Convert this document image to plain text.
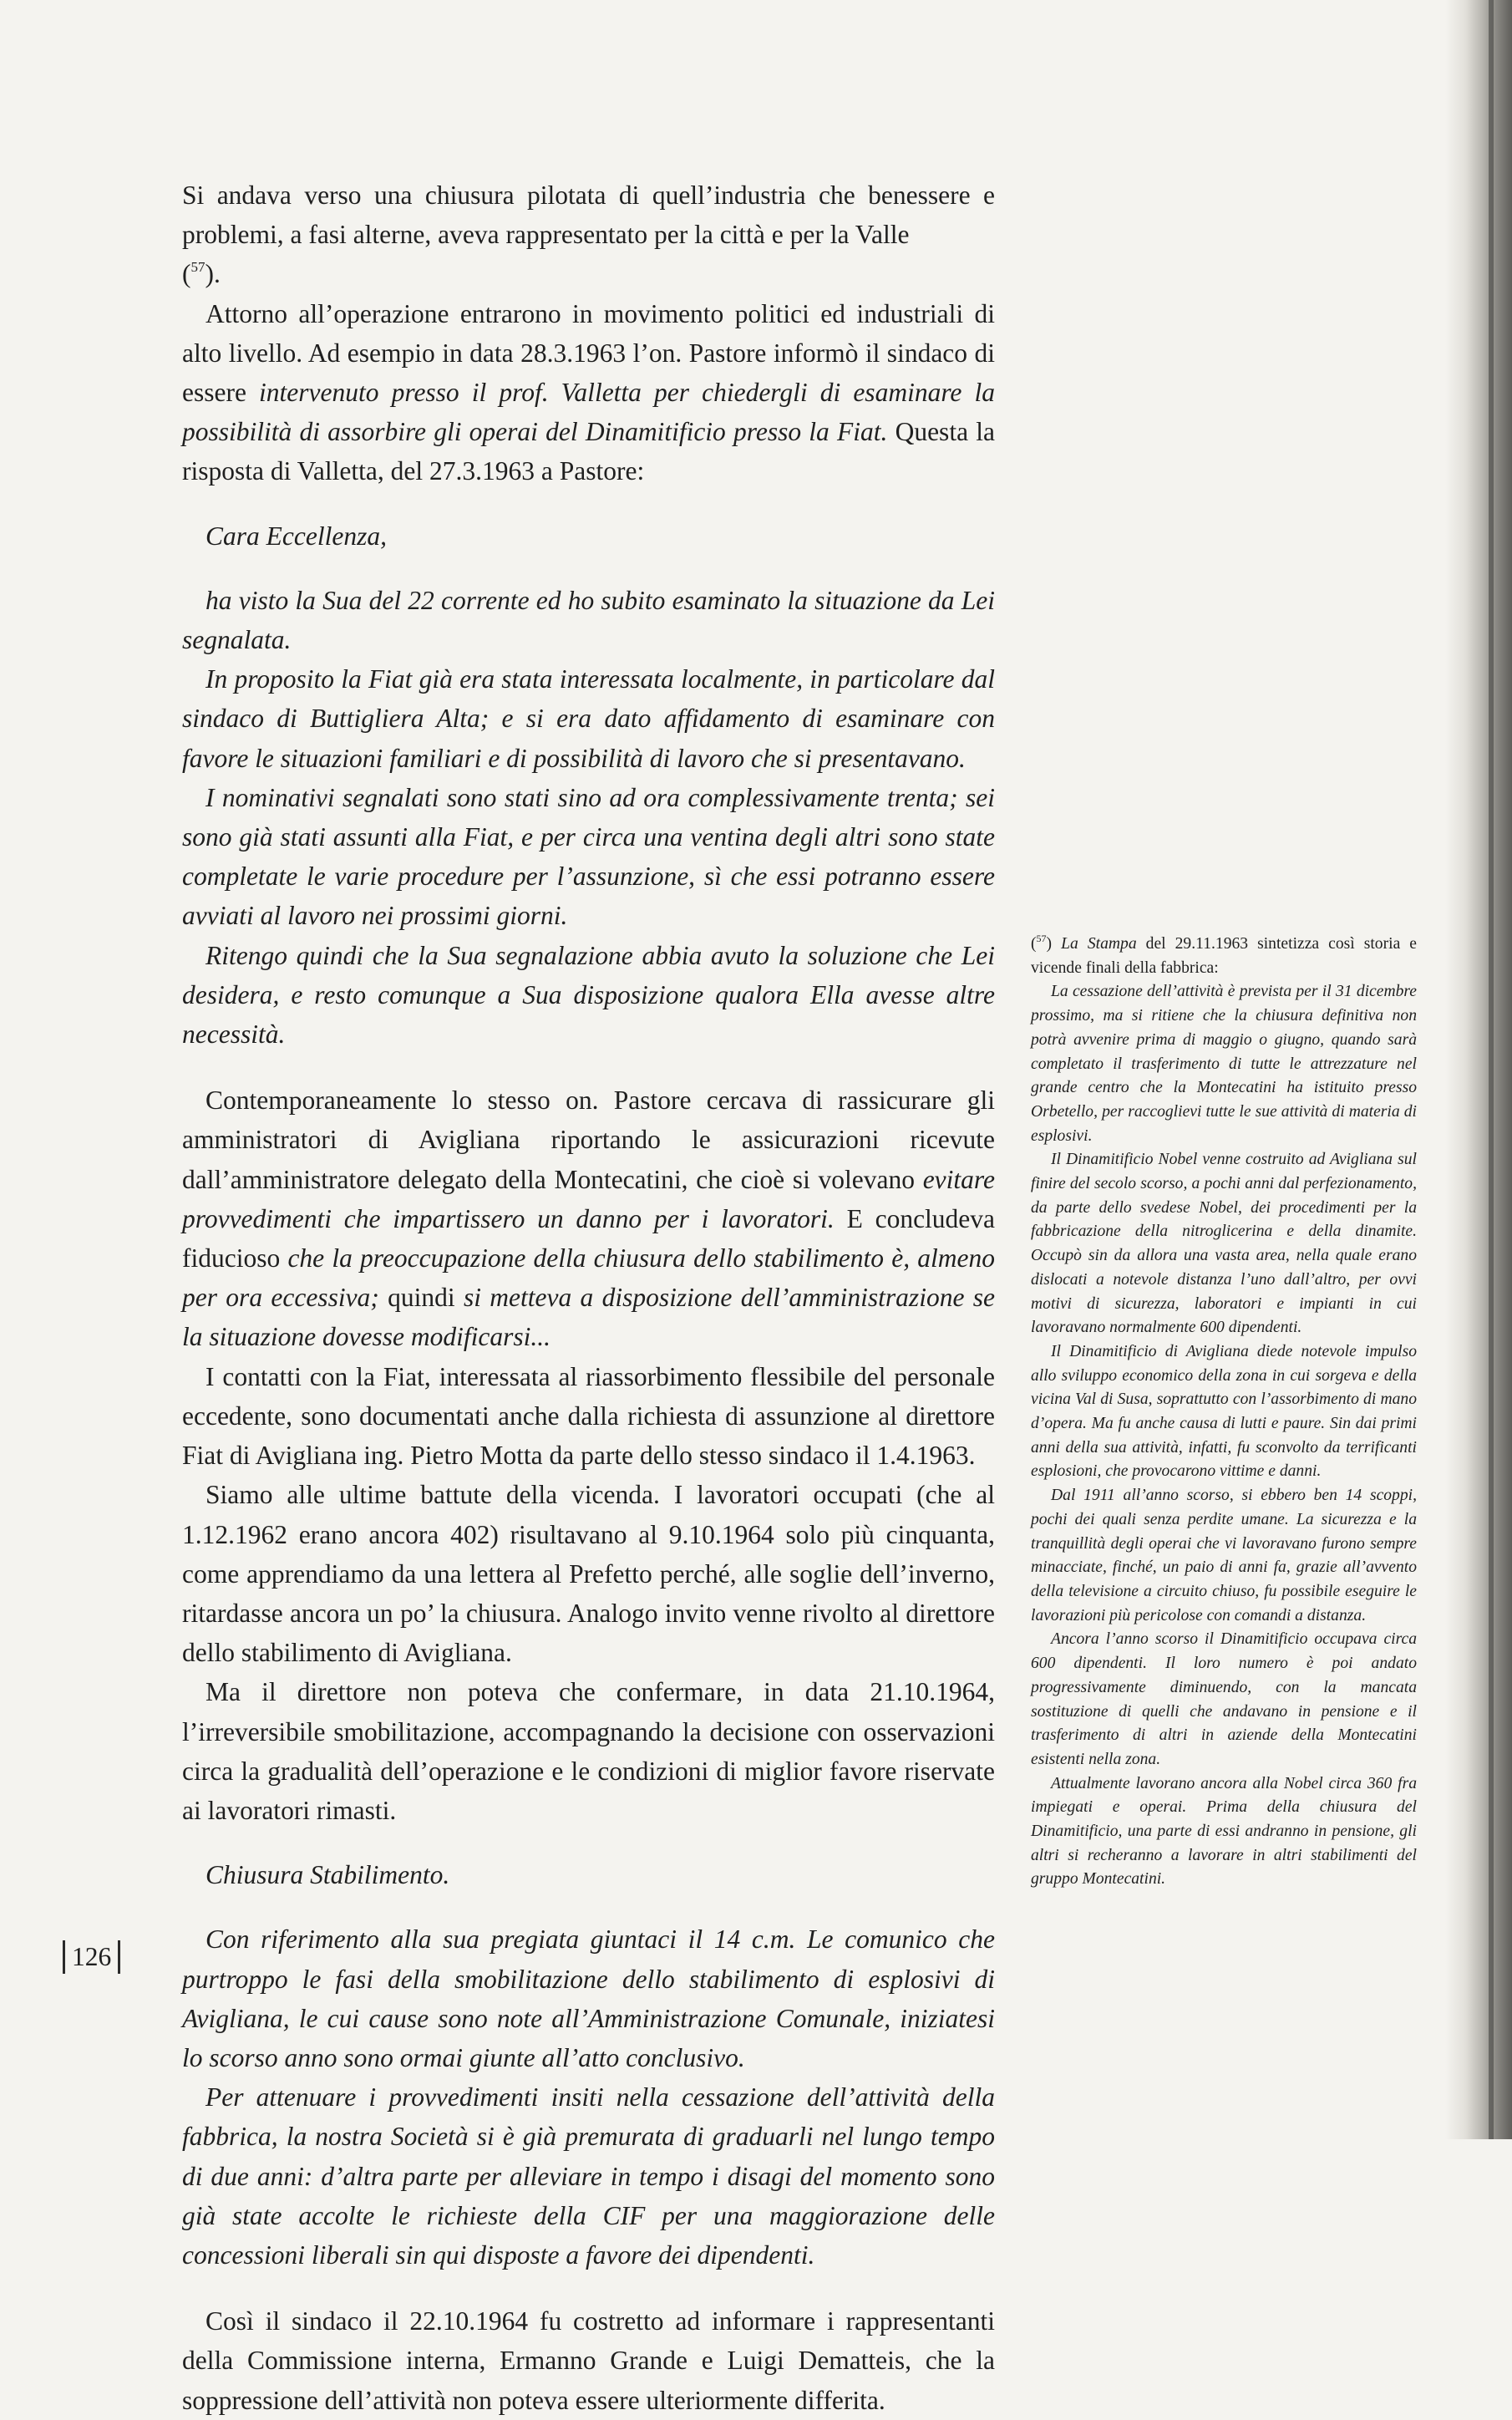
Si andava verso una chiusura pilotata di quell’industria che benessere e problemi, a fasi alterne, aveva rappresentato per la città e per la Valle
($^{57}$).

Attorno all’operazione entrarono in movimento politici ed industriali di alto livello. Ad esempio in data 28.3.1963 l’on. Pastore informò il sindaco di essere intervenuto presso il prof. Valletta per chiedergli di esaminare la possibilità di assorbire gli operai del Dinamitificio presso la Fiat. Questa la risposta di Valletta, del 27.3.1963 a Pastore:

Cara Eccellenza,

ha visto la Sua del 22 corrente ed ho subito esaminato la situazione da Lei segnalata.

In proposito la Fiat già era stata interessata localmente, in particolare dal sindaco di Buttigliera Alta; e si era dato affidamento di esaminare con favore le situazioni familiari e di possibilità di lavoro che si presentavano.

I nominativi segnalati sono stati sino ad ora complessivamente trenta; sei sono già stati assunti alla Fiat, e per circa una ventina degli altri sono state completate le varie procedure per l’assunzione, sì che essi potranno essere avviati al lavoro nei prossimi giorni.

Ritengo quindi che la Sua segnalazione abbia avuto la soluzione che Lei desidera, e resto comunque a Sua disposizione qualora Ella avesse altre necessità.

Contemporaneamente lo stesso on. Pastore cercava di rassicurare gli amministratori di Avigliana riportando le assicurazioni ricevute dall’amministratore delegato della Montecatini, che cioè si volevano evitare provvedimenti che impartissero un danno per i lavoratori. E concludeva fiducioso che la preoccupazione della chiusura dello stabilimento è, almeno per ora eccessiva; quindi si metteva a disposizione dell’amministrazione se la situazione dovesse modificarsi...

I contatti con la Fiat, interessata al riassorbimento flessibile del personale eccedente, sono documentati anche dalla richiesta di assunzione al direttore Fiat di Avigliana ing. Pietro Motta da parte dello stesso sindaco il 1.4.1963.

Siamo alle ultime battute della vicenda. I lavoratori occupati (che al 1.12.1962 erano ancora 402) risultavano al 9.10.1964 solo più cinquanta, come apprendiamo da una lettera al Prefetto perché, alle soglie dell’inverno, ritardasse ancora un po’ la chiusura. Analogo invito venne rivolto al direttore dello stabilimento di Avigliana.

Ma il direttore non poteva che confermare, in data 21.10.1964, l’irreversibile smobilitazione, accompagnando la decisione con osservazioni circa la gradualità dell’operazione e le condizioni di miglior favore riservate ai lavoratori rimasti.

Chiusura Stabilimento.

Con riferimento alla sua pregiata giuntaci il 14 c.m. Le comunico che purtroppo le fasi della smobilitazione dello stabilimento di esplosivi di Avigliana, le cui cause sono note all’Amministrazione Comunale, iniziatesi lo scorso anno sono ormai giunte all’atto conclusivo.

Per attenuare i provvedimenti insiti nella cessazione dell’attività della fabbrica, la nostra Società si è già premurata di graduarli nel lungo tempo di due anni: d’altra parte per alleviare in tempo i disagi del momento sono già state accolte le richieste della CIF per una maggiorazione delle concessioni liberali sin qui disposte a favore dei dipendenti.

Così il sindaco il 22.10.1964 fu costretto ad informare i rappresentanti della Commissione interna, Ermanno Grande e Luigi Dematteis, che la soppressione dell’attività non poteva essere ulteriormente differita.

($^{57}$) La Stampa del 29.11.1963 sintetizza così storia e vicende finali della fabbrica:

La cessazione dell’attività è prevista per il 31 dicembre prossimo, ma si ritiene che la chiusura definitiva non potrà avvenire prima di maggio o giugno, quando sarà completato il trasferimento di tutte le attrezzature nel grande centro che la Montecatini ha istituito presso Orbetello, per raccoglievi tutte le sue attività di materia di esplosivi.

Il Dinamitificio Nobel venne costruito ad Avigliana sul finire del secolo scorso, a pochi anni dal perfezionamento, da parte dello svedese Nobel, dei procedimenti per la fabbricazione della nitroglicerina e della dinamite. Occupò sin da allora una vasta area, nella quale erano dislocati a notevole distanza l’uno dall’altro, per ovvi motivi di sicurezza, laboratori e impianti in cui lavoravano normalmente 600 dipendenti.

Il Dinamitificio di Avigliana diede notevole impulso allo sviluppo economico della zona in cui sorgeva e della vicina Val di Susa, soprattutto con l’assorbimento di mano d’opera. Ma fu anche causa di lutti e paure. Sin dai primi anni della sua attività, infatti, fu sconvolto da terrificanti esplosioni, che provocarono vittime e danni.

Dal 1911 all’anno scorso, si ebbero ben 14 scoppi, pochi dei quali senza perdite umane. La sicurezza e la tranquillità degli operai che vi lavoravano furono sempre minacciate, finché, un paio di anni fa, grazie all’avvento della televisione a circuito chiuso, fu possibile eseguire le lavorazioni più pericolose con comandi a distanza.

Ancora l’anno scorso il Dinamitificio occupava circa 600 dipendenti. Il loro numero è poi andato progressivamente diminuendo, con la mancata sostituzione di quelli che andavano in pensione e il trasferimento di altri in aziende della Montecatini esistenti nella zona.

Attualmente lavorano ancora alla Nobel circa 360 fra impiegati e operai. Prima della chiusura del Dinamitificio, una parte di essi andranno in pensione, gli altri si recheranno a lavorare in altri stabilimenti del gruppo Montecatini.

126
